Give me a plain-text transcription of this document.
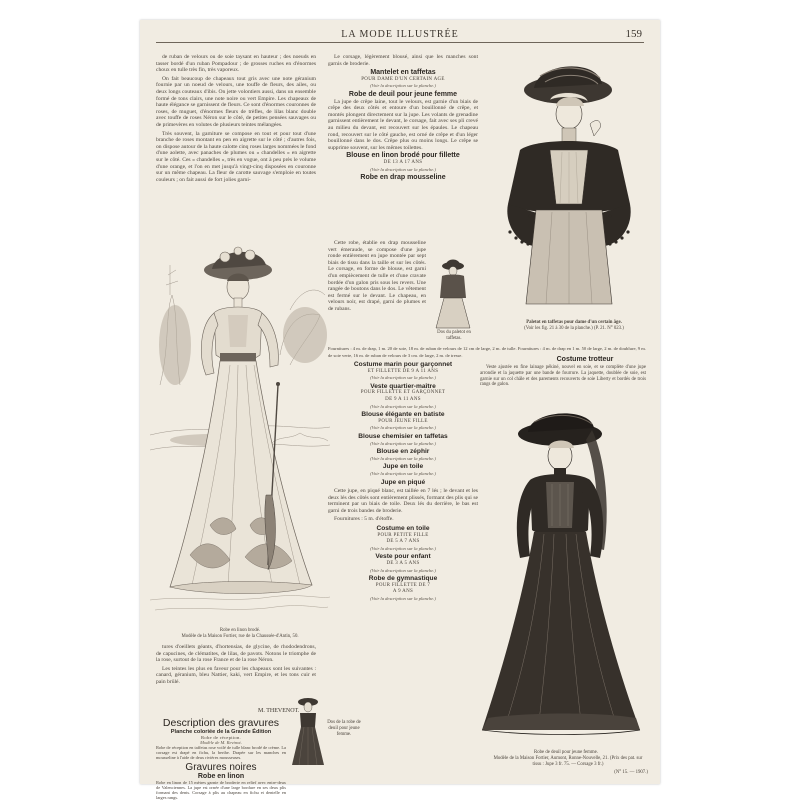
LA MODE ILLUSTRÉE	159

de ruban de velours ou de soie taysant en hauteur ; des noeuds en tasser bordé d'un ruban Pompadour ; de grosses ruches en d'énormes choux en tulle très fin, très vaporeux.

On fait beaucoup de chapeaux tout gris avec une note géranium fournie par un noeud de velours, une touffe de fleurs, des ailes, ou deux longs couteaux d'ibis. On jette volontiers aussi, dans un ensemble formé de tons clairs, une note noire ou vert Empire. Les chapeaux de haute élégance se garnissent de fleurs. Ce sont d'énormes couronnes de roses, de muguet, d'énormes fleurs de trèfles, de lilas blanc double avec touffe de roses Néron sur le côté, de petites pensées sauvages ou de primevères en volutes de plusieurs teintes mélangées.

Très souvent, la garniture se compose en tout et pour tout d'une branche de roses montant en pen en aigrette sur le côté ; d'autres fois, on dispose autour de la haute calotte cinq roses larges nommées le fond d'une aolette, avec panaches de plumes ou « chandelles » en aigrette sur le côté. Ces « chandelles », très en vogue, ont à peu près le volume d'une orange, et l'on en met jusqu'à vingt-cinq disposées en couronne sur un même chapeau. La fleur de carotte sauvage s'emploie en toutes couleurs ; on fait aussi de fort jolies garni-

Robe en linon brodé.
Modèle de la Maison Fortier, rue de la Chaussée-d'Antin, 50.

tures d'oeillets géants, d'hortensias, de glycine, de rhododendrons, de capucines, de clématites, de lilas, de pavots. Notons le triomphe de la rose, surtout de la rose France et de la rose Néron.

Les teintes les plus en faveur pour les chapeaux sont les suivantes : canard, géranium, bleu Nattier, kaki, vert Empire, et les tons cuir et pain brûlé.

M. THEVENOT.
Description des gravures
Planche coloriée de la Grande Édition
Robe de réception.
Modèle de M. Revinot.
Robe de réception en taffetas rose voilé de tulle blanc brodé de crème. La corsage est drapé en fichu, la berthe. Drapée sur les manches en mousseline à l'aide de deux rivières mousseuses.
Gravures noires
Robe en linon
Robe en linon de 15 mètres garnie de broderie en relief avec entre-deux de Valenciennes. La jupe est ornée d'une large bordure en ses deux plis formant des dents. Corsage à plis au chapeau en fichu et dentelle en larges rangs.
Dos de la robe de deuil pour jeune femme.

Le corsage, légèrement blousé, ainsi que les manches sont garnis de broderie.

Mantelet en taffetas
POUR DAME D'UN CERTAIN AGE
(Voir la description sur la planche.)
Robe de deuil pour jeune femme

La jupe de crêpe laine, tout le velours, est garnie d'un biais de crêpe des deux côtés et entoure d'un bouillonné de crêpe, et montés plongent directement sur la jupe. Les volants de grenadine garnissent entièrement le devant, le corsage, fait avec ses pli crevé au milieu du devant, est recouvert sur les épaules. Le chapeau rond, recouvert sur le côté gauche, est orné de crêpe et d'un léger bouillonné dans le dos. Crêpe plus ou moins longs. Le crêpe se supprime souvent, sur les mêmes toilettes.

Blouse en linon brodé pour fillette
DE 13 A 17 ANS
(Voir la description sur la planche.)
Robe en drap mousseline

Cette robe, établie en drap mousseline vert émeraude, se compose d'une jupe ronde entièrement en jupe montée par sept biais de tissu dans la taille et sur les côtés. Le corsage, en forme de blouse, est garni d'un empiècement de tulle et d'une cravate bordée d'un galon pris sous les revers. Une rangée de boutons dans le dos. Le vêtement est fermé sur le devant. Le chapeau, en velours noir, est drapé, garni de plumes et de rubans.

Dos du paletot en taffetas.
Fournitures : 4 m. de drap, 1 m. 20 de soie, 18 m. de ruban de velours de 12 cm de large, 2 m. de tulle. Fournitures : 4 m. de drap en 1 m. 50 de large, 2 m. de doublure, 9 m. de soie verte, 16 m. de ruban de velours de 3 cm. de large, 2 m. de tresse.
Costume marin pour garçonnet
ET FILLETTE DE 9 A 11 ANS
(Voir la description sur la planche.)
Veste quartier-maître
POUR FILLETTE ET GARÇONNET
DE 9 A 11 ANS
(Voir la description sur la planche.)
Blouse élégante en batiste
POUR JEUNE FILLE
(Voir la description sur la planche.)
Blouse chemisier en taffetas
(Voir la description sur la planche.)
Blouse en zéphir
(Voir la description sur la planche.)
Jupe en toile
(Voir la description sur la planche.)
Jupe en piqué

Cette jupe, en piqué blanc, est taillée en 7 lés ; le devant et les deux lés des côtés sont entièrement plissés, formant des plis qui se terminent par un biais de toile. Deux lés du derrière, le bas est garni de trois bandes de broderie.

Fournitures : 5 m. d'étoffe.

Costume en toile
POUR PETITE FILLE
DE 5 A 7 ANS
(Voir la description sur la planche.)
Veste pour enfant
DE 3 A 5 ANS
(Voir la description sur la planche.)
Robe de gymnastique
POUR FILLETTE DE 7
A 9 ANS
(Voir la description sur la planche.)
Paletot en taffetas pour dame d'un certain âge.
(Voir les fig. 21 à 30 de la planche.) (P. 21. N° 023.)
Costume trotteur

Veste ajustée en fine lainage pékiné, nouvel en soie, et se complète d'une jupe arrondie et la jaquette par une bande de fourrure. La jaquette, doublée de soie, est garnie sur un col châle et des parements recouverts de soie Liberty et bordés de trois rangs de galon.

Robe de deuil pour jeune femme.
Modèle de la Maison Fortier, Aumont, Ronne-Nouvelle, 21. (Prix des pat. sur tissu : Jupe 3 fr. 75. — Corsage 3 fr.)
(N° 15. — 1907.)
